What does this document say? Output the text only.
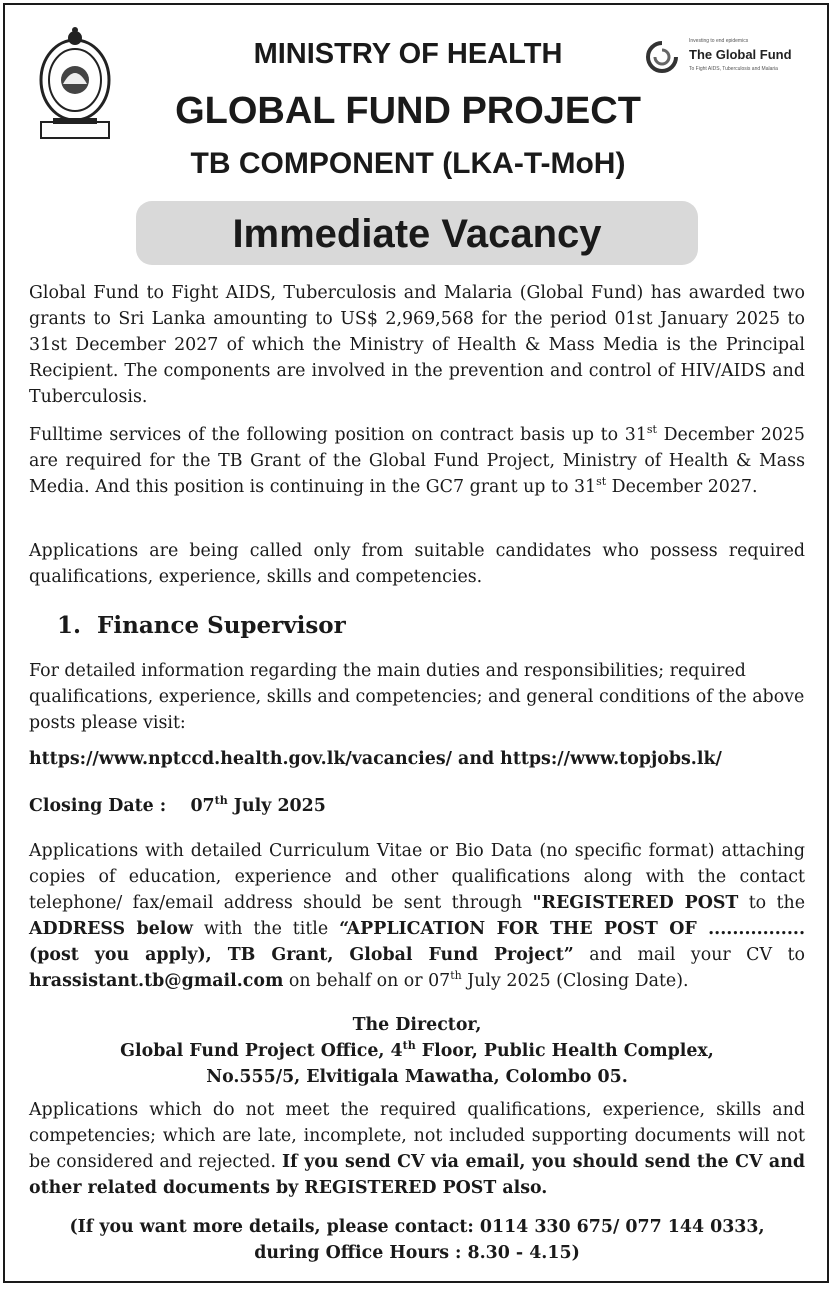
Investing to end epidemics
The Global Fund
To Fight AIDS, Tuberculosis and Malaria
MINISTRY OF HEALTH
GLOBAL FUND PROJECT
TB COMPONENT (LKA-T-MoH)
Immediate Vacancy
Global Fund to Fight AIDS, Tuberculosis and Malaria (Global Fund) has awarded two grants to Sri Lanka amounting to US$ 2,969,568 for the period 01st January 2025 to 31st December 2027 of which the Ministry of Health & Mass Media is the Principal Recipient. The components are involved in the prevention and control of HIV/AIDS and Tuberculosis.
Fulltime services of the following position on contract basis up to 31st December 2025 are required for the TB Grant of the Global Fund Project, Ministry of Health & Mass Media. And this position is continuing in the GC7 grant up to 31st December 2027.
Applications are being called only from suitable candidates who possess required qualifications, experience, skills and competencies.
1. Finance Supervisor
For detailed information regarding the main duties and responsibilities; required qualifications, experience, skills and competencies; and general conditions of the above posts please visit:
https://www.nptccd.health.gov.lk/vacancies/ and https://www.topjobs.lk/
Closing Date : 07th July 2025
Applications with detailed Curriculum Vitae or Bio Data (no specific format) attaching copies of education, experience and other qualifications along with the contact telephone/ fax/email address should be sent through "REGISTERED POST to the ADDRESS below with the title “APPLICATION FOR THE POST OF ................ (post you apply), TB Grant, Global Fund Project” and mail your CV to hrassistant.tb@gmail.com on behalf on or 07th July 2025 (Closing Date).
The Director,
Global Fund Project Office, 4th Floor, Public Health Complex,
No.555/5, Elvitigala Mawatha, Colombo 05.
Applications which do not meet the required qualifications, experience, skills and competencies; which are late, incomplete, not included supporting documents will not be considered and rejected. If you send CV via email, you should send the CV and other related documents by REGISTERED POST also.
(If you want more details, please contact: 0114 330 675/ 077 144 0333,
during Office Hours : 8.30 - 4.15)
